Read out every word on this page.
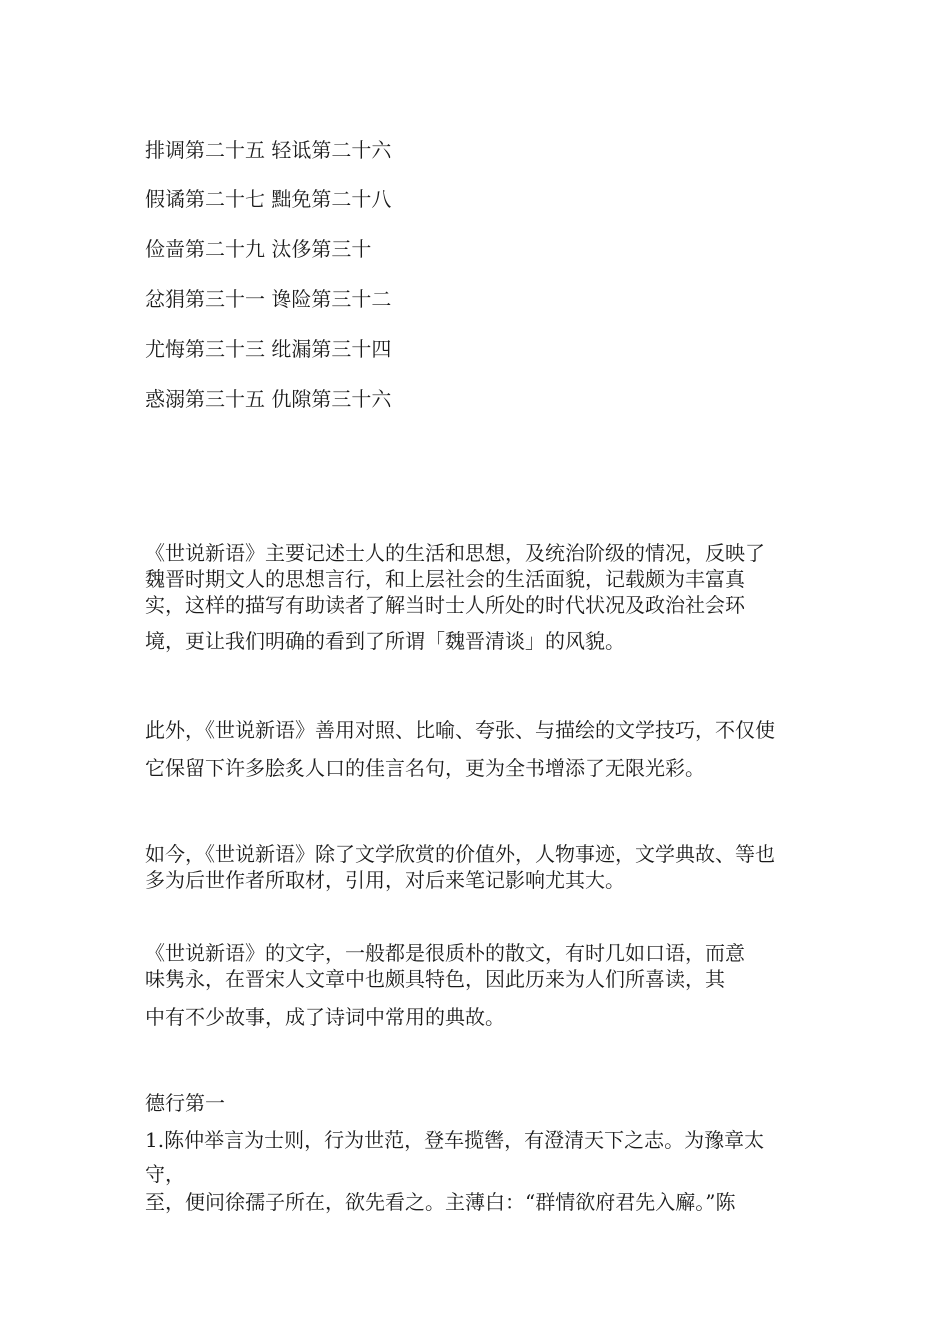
排调第二十五 轻诋第二十六

假谲第二十七 黜免第二十八

俭啬第二十九 汰侈第三十

忿狷第三十一 谗险第三十二

尤悔第三十三 纰漏第三十四

惑溺第三十五 仇隙第三十六

《世说新语》主要记述士人的生活和思想，及统治阶级的情况，反映了

魏晋时期文人的思想言行，和上层社会的生活面貌，记载颇为丰富真

实，这样的描写有助读者了解当时士人所处的时代状况及政治社会环

境，更让我们明确的看到了所谓「魏晋清谈」的风貌。

此外，《世说新语》善用对照、比喻、夸张、与描绘的文学技巧，不仅使

它保留下许多脍炙人口的佳言名句，更为全书增添了无限光彩。

如今，《世说新语》除了文学欣赏的价值外，人物事迹，文学典故、等也

多为后世作者所取材，引用，对后来笔记影响尤其大。

《世说新语》的文字，一般都是很质朴的散文，有时几如口语，而意

味隽永，在晋宋人文章中也颇具特色，因此历来为人们所喜读，其

中有不少故事，成了诗词中常用的典故。

德行第一

1.陈仲举言为士则，行为世范，登车揽辔，有澄清天下之志。为豫章太

守，

至，便问徐孺子所在，欲先看之。主薄白：“群情欲府君先入廨。”陈
